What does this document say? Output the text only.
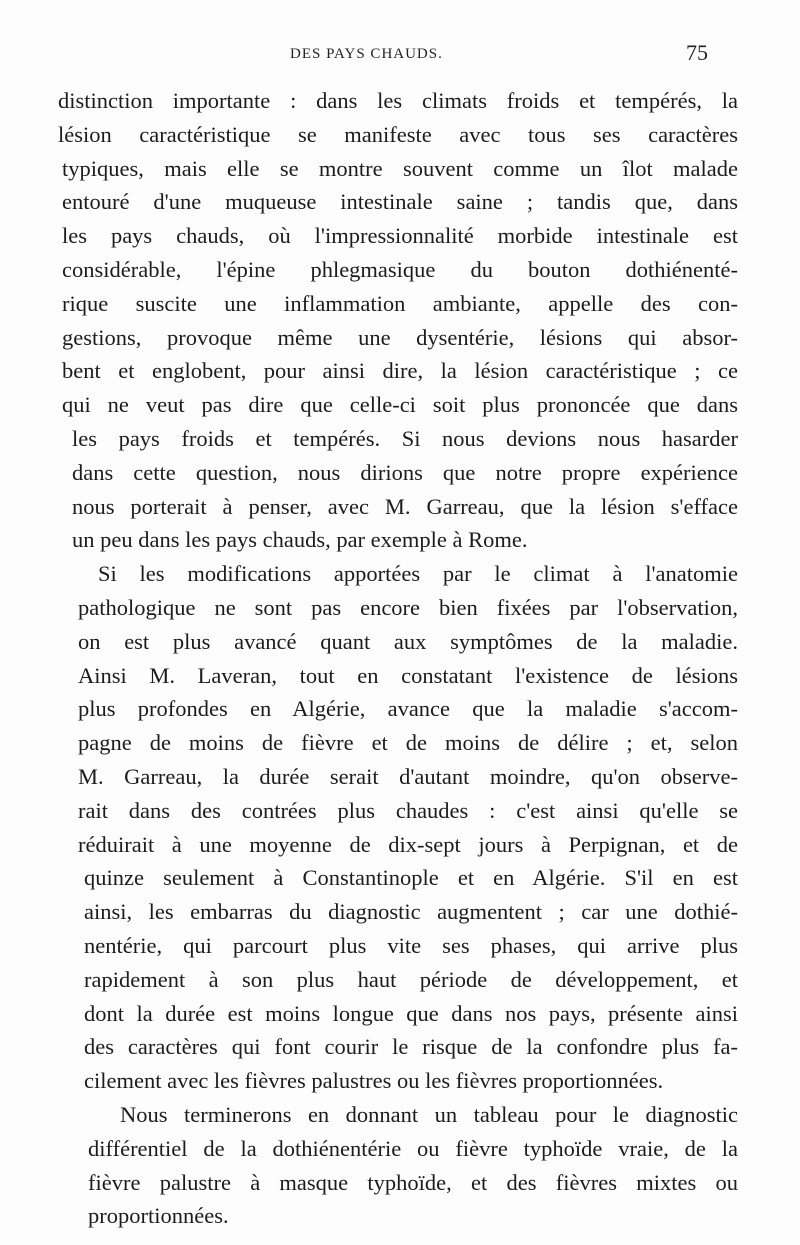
DES PAYS CHAUDS.	75
distinction importante : dans les climats froids et tempérés, la
lésion caractéristique se manifeste avec tous ses caractères
typiques, mais elle se montre souvent comme un îlot malade
entouré d'une muqueuse intestinale saine ; tandis que, dans
les pays chauds, où l'impressionnalité morbide intestinale est
considérable, l'épine phlegmasique du bouton dothiénenté-
rique suscite une inflammation ambiante, appelle des con-
gestions, provoque même une dysentérie, lésions qui absor-
bent et englobent, pour ainsi dire, la lésion caractéristique ; ce
qui ne veut pas dire que celle-ci soit plus prononcée que dans
les pays froids et tempérés. Si nous devions nous hasarder
dans cette question, nous dirions que notre propre expérience
nous porterait à penser, avec M. Garreau, que la lésion s'efface
un peu dans les pays chauds, par exemple à Rome.
Si les modifications apportées par le climat à l'anatomie
pathologique ne sont pas encore bien fixées par l'observation,
on est plus avancé quant aux symptômes de la maladie.
Ainsi M. Laveran, tout en constatant l'existence de lésions
plus profondes en Algérie, avance que la maladie s'accom-
pagne de moins de fièvre et de moins de délire ; et, selon
M. Garreau, la durée serait d'autant moindre, qu'on observe-
rait dans des contrées plus chaudes : c'est ainsi qu'elle se
réduirait à une moyenne de dix-sept jours à Perpignan, et de
quinze seulement à Constantinople et en Algérie. S'il en est
ainsi, les embarras du diagnostic augmentent ; car une dothié-
nentérie, qui parcourt plus vite ses phases, qui arrive plus
rapidement à son plus haut période de développement, et
dont la durée est moins longue que dans nos pays, présente ainsi
des caractères qui font courir le risque de la confondre plus fa-
cilement avec les fièvres palustres ou les fièvres proportionnées.
Nous terminerons en donnant un tableau pour le diagnostic
différentiel de la dothiénentérie ou fièvre typhoïde vraie, de la
fièvre palustre à masque typhoïde, et des fièvres mixtes ou
proportionnées.
